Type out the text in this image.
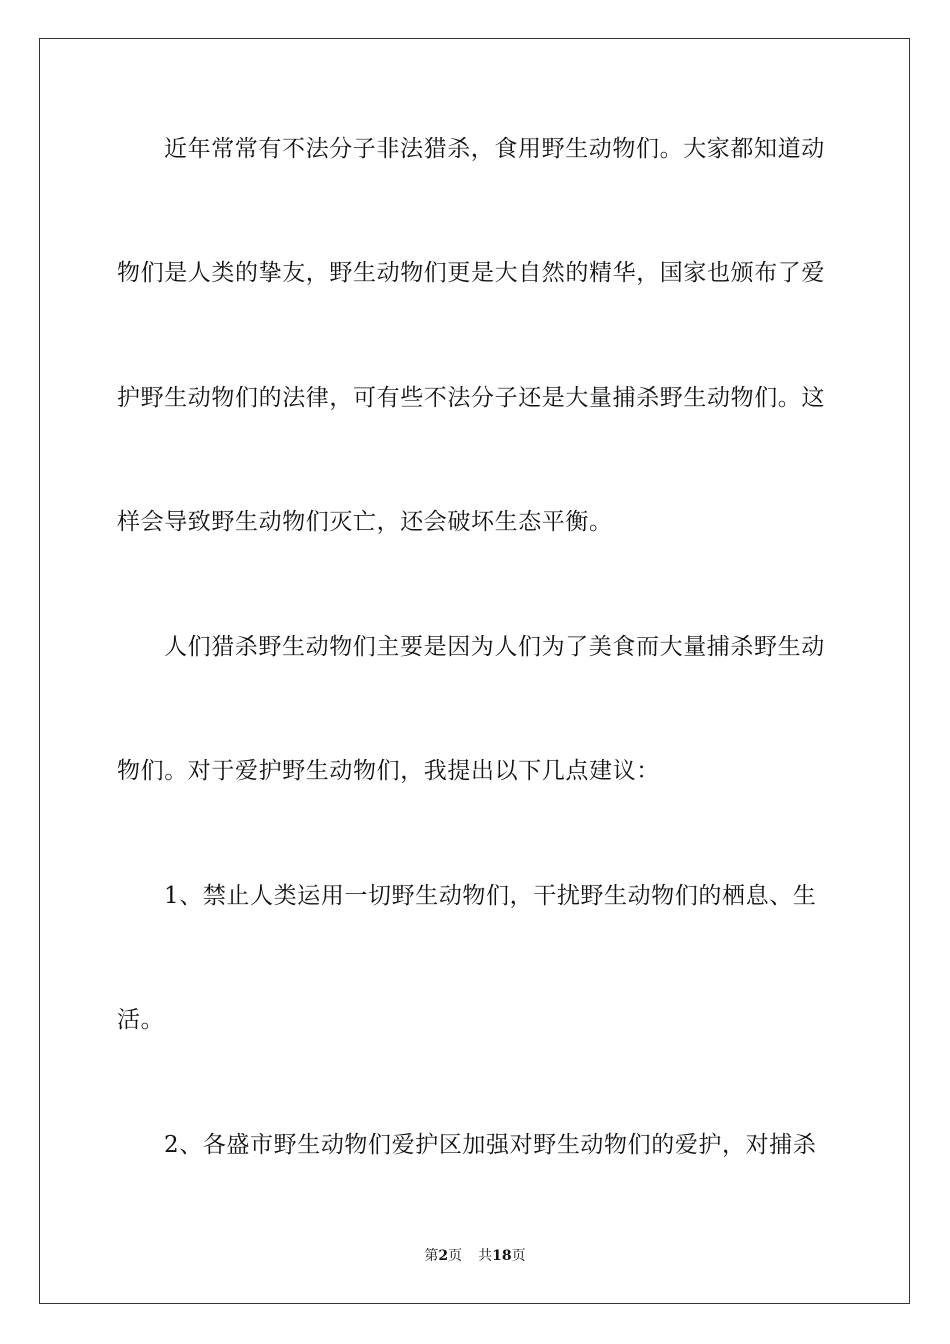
近年常常有不法分子非法猎杀，食用野生动物们。大家都知道动
物们是人类的挚友，野生动物们更是大自然的精华，国家也颁布了爱
护野生动物们的法律，可有些不法分子还是大量捕杀野生动物们。这
样会导致野生动物们灭亡，还会破坏生态平衡。
人们猎杀野生动物们主要是因为人们为了美食而大量捕杀野生动
物们。对于爱护野生动物们，我提出以下几点建议：
1、禁止人类运用一切野生动物们，干扰野生动物们的栖息、生
活。
2、各盛市野生动物们爱护区加强对野生动物们的爱护，对捕杀
第2页 共18页
